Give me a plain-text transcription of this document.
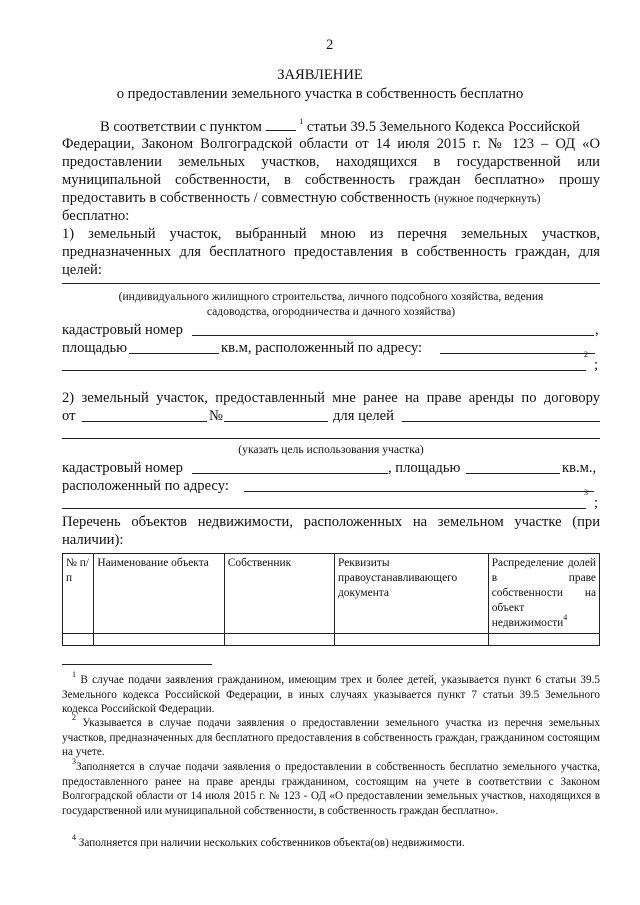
2
ЗАЯВЛЕНИЕ
о предоставлении земельного участка в собственность бесплатно
В соответствии с пунктом	$^1$ статьи 39.5 Земельного Кодекса Российской
Федерации, Законом Волгоградской области от 14 июля 2015 г. № 123 – ОД «О
предоставлении земельных участков, находящихся в государственной или
муниципальной собственности, в собственность граждан бесплатно» прошу
предоставить в собственность / совместную собственность (нужное подчеркнуть)
бесплатно:
1) земельный участок, выбранный мною из перечня земельных участков,
предназначенных для бесплатного предоставления в собственность граждан, для
целей:
(индивидуального жилищного строительства, личного подсобного хозяйства, ведения
садоводства, огородничества и дачного хозяйства)
кадастровый номер	,
площадью	кв.м, расположенный по адресу:	2
;
2) земельный участок, предоставленный мне ранее на праве аренды по договору
от	№	для целей
(указать цель использования участка)
кадастровый номер	, площадью	кв.м.,
расположенный по адресу:	3
;
Перечень объектов недвижимости, расположенных на земельном участке (при
наличии):
№ п/п	Наименование объекта	Собственник	Реквизиты правоустанавливающего документа	Распределение долей в праве собственности на объект недвижимости$^4$

$^1$ В случае подачи заявления гражданином, имеющим трех и более детей, указывается пункт 6 статьи 39.5 Земельного кодекса Российской Федерации, в иных случаях указывается пункт 7 статьи 39.5 Земельного кодекса Российской Федерации.
$^2$ Указывается в случае подачи заявления о предоставлении земельного участка из перечня земельных участков, предназначенных для бесплатного предоставления в собственность граждан, гражданином состоящим на учете.
$^3$Заполняется в случае подачи заявления о предоставлении в собственность бесплатно земельного участка, предоставленного ранее на праве аренды гражданином, состоящим на учете в соответствии с Законом Волгоградской области от 14 июля 2015 г. № 123 - ОД «О предоставлении земельных участков, находящихся в государственной или муниципальной собственности, в собственность граждан бесплатно».
$^4$ Заполняется при наличии нескольких собственников объекта(ов) недвижимости.
